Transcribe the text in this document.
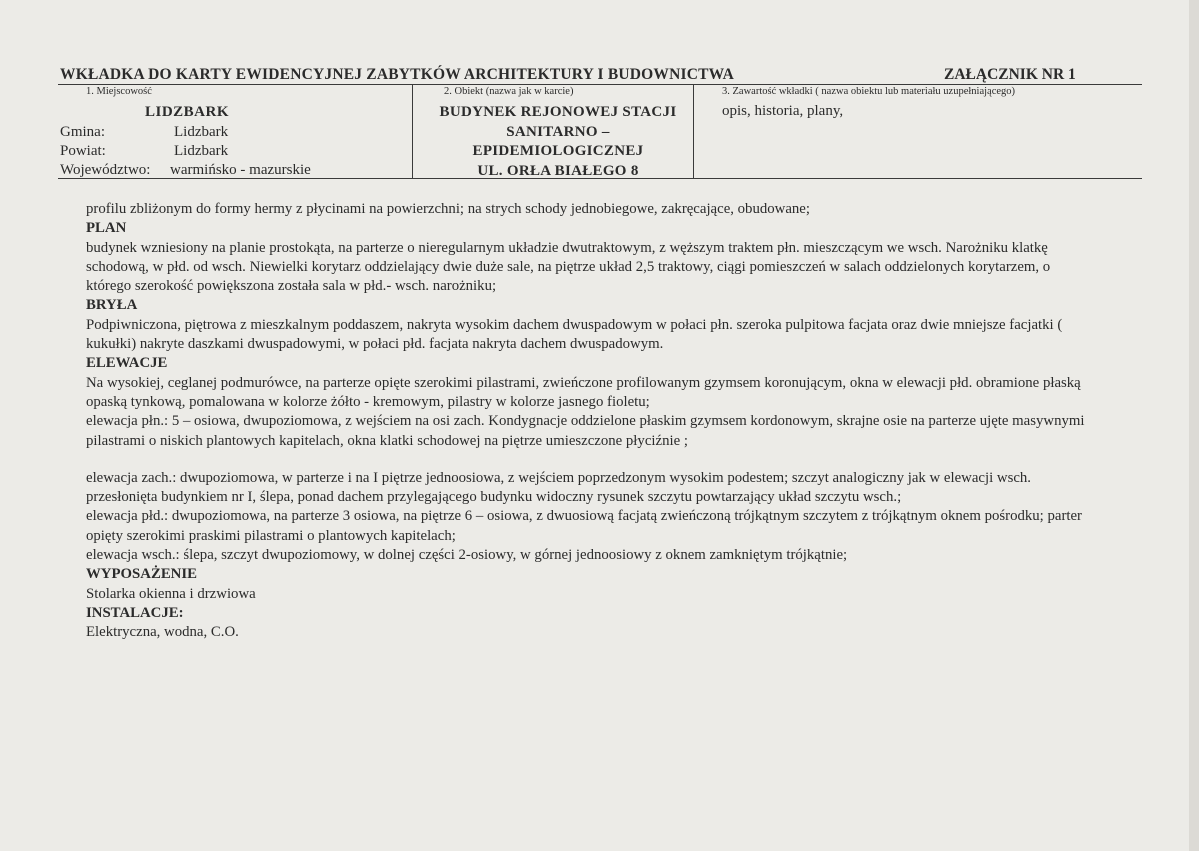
WKŁADKA DO KARTY EWIDENCYJNEJ ZABYTKÓW ARCHITEKTURY I BUDOWNICTWA	ZAŁĄCZNIK NR 1
1. Miejscowość
LIDZBARK
Gmina:	Lidzbark
Powiat:	Lidzbark
Województwo: warmińsko - mazurskie
2. Obiekt (nazwa jak w karcie)
BUDYNEK REJONOWEJ STACJI
SANITARNO –
EPIDEMIOLOGICZNEJ
UL. ORŁA BIAŁEGO 8
3. Zawartość wkładki ( nazwa obiektu lub materiału uzupełniającego)
opis, historia, plany,

profilu zbliżonym do formy hermy z płycinami na powierzchni; na strych schody jednobiegowe, zakręcające, obudowane;

PLAN

budynek wzniesiony na planie prostokąta, na parterze o nieregularnym układzie dwutraktowym, z węższym traktem płn. mieszczącym we wsch. Narożniku klatkę schodową, w płd. od wsch. Niewielki korytarz oddzielający dwie duże sale, na piętrze układ 2,5 traktowy, ciągi pomieszczeń w salach oddzielonych korytarzem, o którego szerokość powiększona została sala w płd.- wsch. narożniku;

BRYŁA

Podpiwniczona, piętrowa z mieszkalnym poddaszem, nakryta wysokim dachem dwuspadowym w połaci płn. szeroka pulpitowa facjata oraz dwie mniejsze facjatki ( kukułki) nakryte daszkami dwuspadowymi, w połaci płd. facjata nakryta dachem dwuspadowym.

ELEWACJE

Na wysokiej, ceglanej podmurówce, na parterze opięte szerokimi pilastrami, zwieńczone profilowanym gzymsem koronującym, okna w elewacji płd. obramione płaską opaską tynkową, pomalowana w kolorze żółto - kremowym, pilastry w kolorze jasnego fioletu;

elewacja płn.: 5 – osiowa, dwupoziomowa, z wejściem na osi zach. Kondygnacje oddzielone płaskim gzymsem kordonowym, skrajne osie na parterze ujęte masywnymi pilastrami o niskich plantowych kapitelach, okna klatki schodowej na piętrze umieszczone płyciźnie ;

elewacja zach.: dwupoziomowa, w parterze i na I piętrze jednoosiowa, z wejściem poprzedzonym wysokim podestem; szczyt analogiczny jak w elewacji wsch. przesłonięta budynkiem nr I, ślepa, ponad dachem przylegającego budynku widoczny rysunek szczytu powtarzający układ szczytu wsch.;

elewacja płd.: dwupoziomowa, na parterze 3 osiowa, na piętrze 6 – osiowa, z dwuosiową facjatą zwieńczoną trójkątnym szczytem z trójkątnym oknem pośrodku; parter opięty szerokimi praskimi pilastrami o plantowych kapitelach;

elewacja wsch.: ślepa, szczyt dwupoziomowy, w dolnej części 2-osiowy, w górnej jednoosiowy z oknem zamkniętym trójkątnie;

WYPOSAŻENIE

Stolarka okienna i drzwiowa

INSTALACJE:

Elektryczna, wodna, C.O.
